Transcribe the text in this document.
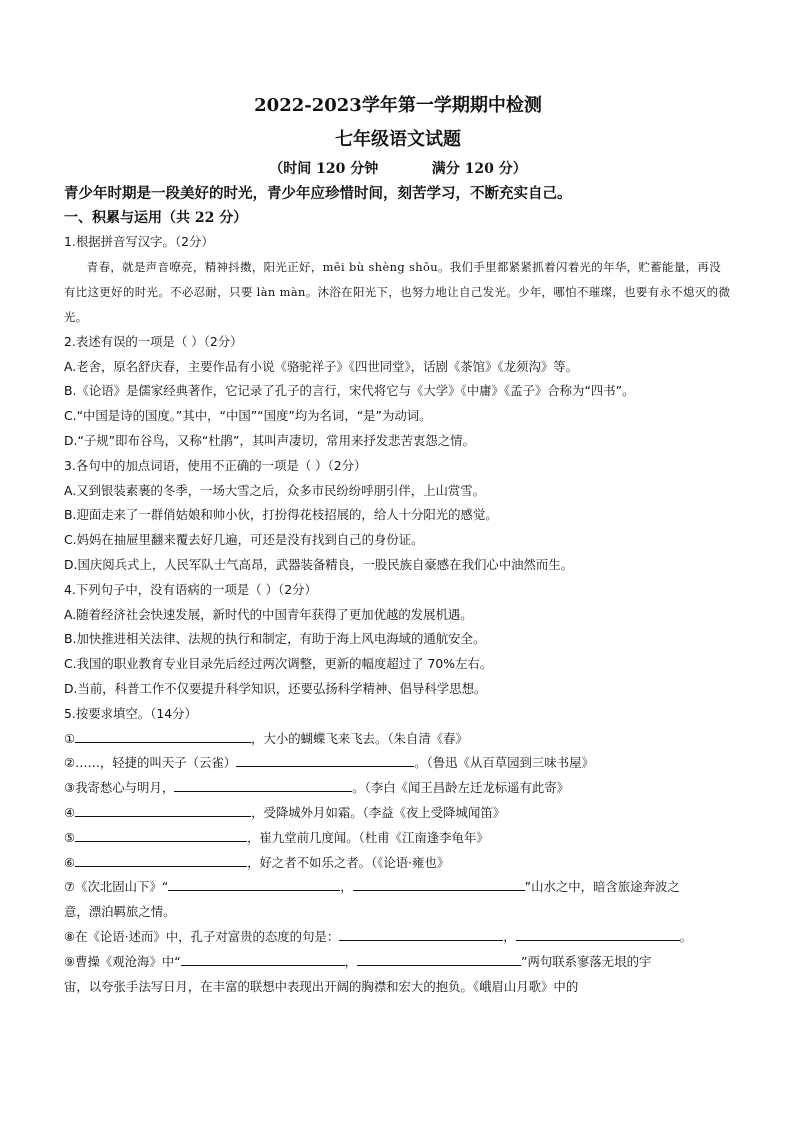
2022-2023学年第一学期期中检测
七年级语文试题
（时间 120 分钟           满分 120 分）
青少年时期是一段美好的时光，青少年应珍惜时间，刻苦学习，不断充实自己。
一、积累与运用（共 22 分）
1.根据拼音写汉字。（2分）
青春，就是声音嘹亮，精神抖擞，阳光正好，mēi bù shèng shōu。我们手里都紧紧抓着闪着光的年华，贮蓄能量，再没有比这更好的时光。不必忍耐，只要 làn màn。沐浴在阳光下，也努力地让自己发光。少年，哪怕不璀璨，也要有永不熄灭的微光。
2.表述有误的一项是（ ）（2分）
A.老舍，原名舒庆春，主要作品有小说《骆驼祥子》《四世同堂》，话剧《茶馆》《龙须沟》等。
B.《论语》是儒家经典著作，它记录了孔子的言行，宋代将它与《大学》《中庸》《孟子》合称为“四书”。
C.“中国是诗的国度。”其中，“中国”“国度”均为名词，“是”为动词。
D.“子规”即布谷鸟，又称“杜鹃”，其叫声凄切，常用来抒发悲苦衷怨之情。
3.各句中的加点词语，使用不正确的一项是（ ）（2分）
A.又到银装素裹的冬季，一场大雪之后，众多市民纷纷呼朋引伴，上山赏雪。
B.迎面走来了一群俏姑娘和帅小伙，打扮得花枝招展的，给人十分阳光的感觉。
C.妈妈在抽屉里翻来覆去好几遍，可还是没有找到自己的身份证。
D.国庆阅兵式上，人民军队士气高昂，武器装备精良，一股民族自豪感在我们心中油然而生。
4.下列句子中，没有语病的一项是（ ）（2分）
A.随着经济社会快速发展，新时代的中国青年获得了更加优越的发展机遇。
B.加快推进相关法律、法规的执行和制定，有助于海上风电海域的通航安全。
C.我国的职业教育专业目录先后经过两次调整，更新的幅度超过了 70%左右。
D.当前，科普工作不仅要提升科学知识，还要弘扬科学精神、倡导科学思想。
5.按要求填空。（14分）
①	，大小的蝴蝶飞来飞去。（朱自清《春》
②……，轻捷的叫天子（云雀）	。（鲁迅《从百草园到三味书屋》
③我寄愁心与明月，	。（李白《闻王昌龄左迁龙标遥有此寄》
④	，受降城外月如霜。（李益《夜上受降城闻笛》
⑤	，崔九堂前几度闻。（杜甫《江南逢李龟年》
⑥	，好之者不如乐之者。（《论语·雍也》
⑦《次北固山下》“	，	”山水之中，暗含旅途奔波之
意，漂泊羁旅之情。
⑧在《论语·述而》中，孔子对富贵的态度的句是：	，	。
⑨曹操《观沧海》中“	，	”两句联系寥落无垠的宇
宙，以夸张手法写日月，在丰富的联想中表现出开阔的胸襟和宏大的抱负。《峨眉山月歌》中的
